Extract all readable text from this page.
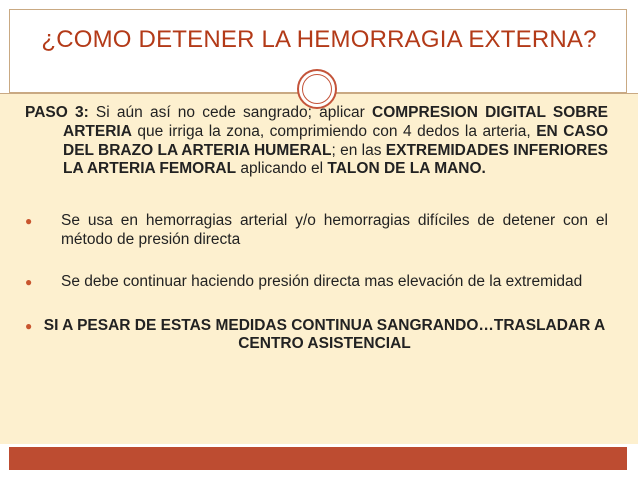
¿COMO DETENER LA HEMORRAGIA EXTERNA?
PASO 3: Si aún así no cede sangrado; aplicar COMPRESION DIGITAL SOBRE ARTERIA que irriga la zona, comprimiendo con 4 dedos la arteria, EN CASO DEL BRAZO LA ARTERIA HUMERAL; en las EXTREMIDADES INFERIORES LA ARTERIA FEMORAL aplicando el TALON DE LA MANO.
● Se usa en hemorragias arterial y/o hemorragias difíciles de detener con el método de presión directa
● Se debe continuar haciendo presión directa mas elevación de la extremidad
● SI A PESAR DE ESTAS MEDIDAS CONTINUA SANGRANDO…TRASLADAR A CENTRO ASISTENCIAL
